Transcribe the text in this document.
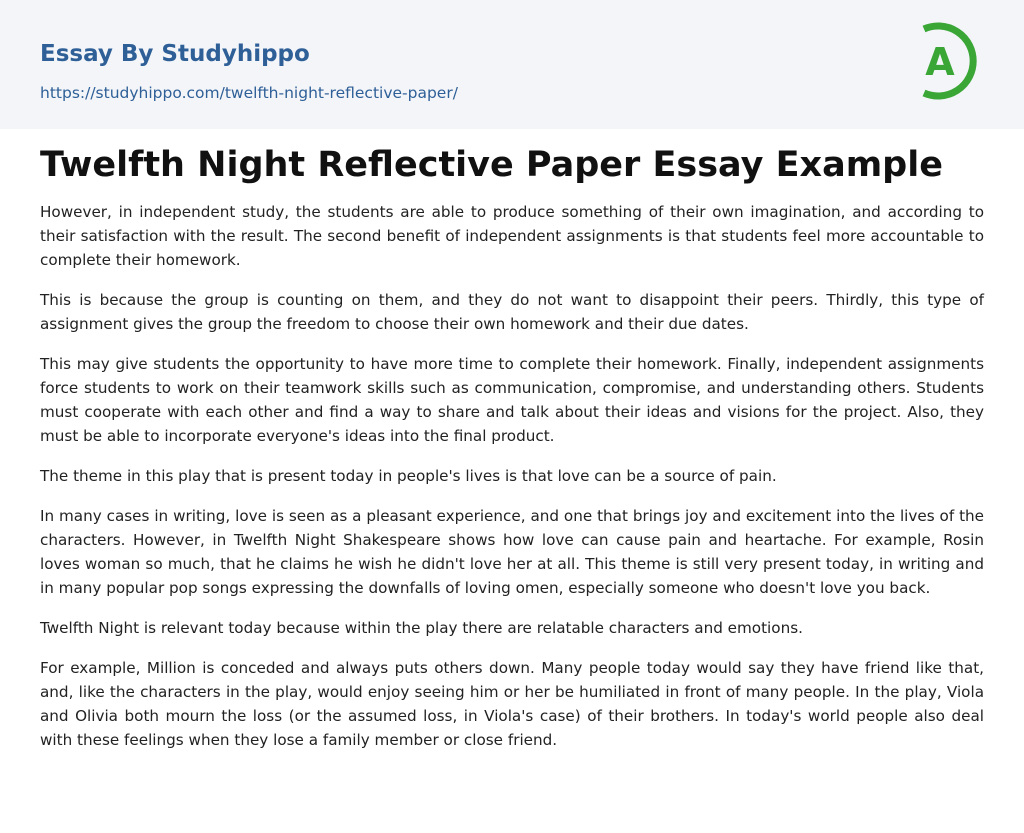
Essay By Studyhippo
https://studyhippo.com/twelfth-night-reflective-paper/
A
Twelfth Night Reflective Paper Essay Example

However, in independent study, the students are able to produce something of their own imagination, and according to their satisfaction with the result. The second benefit of independent assignments is that students feel more accountable to complete their homework.

This is because the group is counting on them, and they do not want to disappoint their peers. Thirdly, this type of assignment gives the group the freedom to choose their own homework and their due dates.

This may give students the opportunity to have more time to complete their homework. Finally, independent assignments force students to work on their teamwork skills such as communication, compromise, and understanding others. Students must cooperate with each other and find a way to share and talk about their ideas and visions for the project. Also, they must be able to incorporate everyone's ideas into the final product.

The theme in this play that is present today in people's lives is that love can be a source of pain.

In many cases in writing, love is seen as a pleasant experience, and one that brings joy and excitement into the lives of the characters. However, in Twelfth Night Shakespeare shows how love can cause pain and heartache. For example, Rosin loves woman so much, that he claims he wish he didn't love her at all. This theme is still very present today, in writing and in many popular pop songs expressing the downfalls of loving omen, especially someone who doesn't love you back.

Twelfth Night is relevant today because within the play there are relatable characters and emotions.

For example, Million is conceded and always puts others down. Many people today would say they have friend like that, and, like the characters in the play, would enjoy seeing him or her be humiliated in front of many people. In the play, Viola and Olivia both mourn the loss (or the assumed loss, in Viola's case) of their brothers. In today's world people also deal with these feelings when they lose a family member or close friend.
